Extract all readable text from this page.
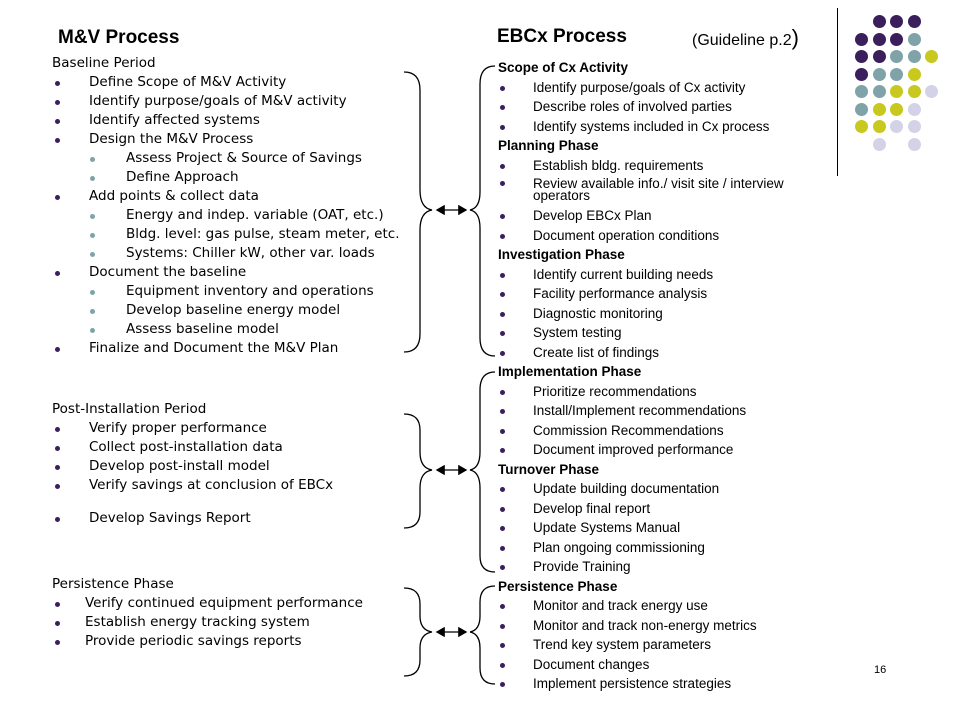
M&V Process	EBCx Process	(Guideline p.2)
Baseline Period
Define Scope of M&V Activity
Identify purpose/goals of M&V activity
Identify affected systems
Design the M&V Process
Assess Project & Source of Savings
Define Approach
Add points & collect data
Energy and indep. variable (OAT, etc.)
Bldg. level: gas pulse, steam meter, etc.
Systems: Chiller kW, other var. loads
Document the baseline
Equipment inventory and operations
Develop baseline energy model
Assess baseline model
Finalize and Document the M&V Plan
Post-Installation Period
Verify proper performance
Collect post-installation data
Develop post-install model
Verify savings at conclusion of EBCx
Develop Savings Report
Persistence Phase
Verify continued equipment performance
Establish energy tracking system
Provide periodic savings reports
Scope of Cx Activity
Identify purpose/goals of Cx activity
Describe roles of involved parties
Identify systems included in Cx process
Planning Phase
Establish bldg. requirements
Review available info./ visit site / interview operators
Develop EBCx Plan
Document operation conditions
Investigation Phase
Identify current building needs
Facility performance analysis
Diagnostic monitoring
System testing
Create list of findings
Implementation Phase
Prioritize recommendations
Install/Implement recommendations
Commission Recommendations
Document improved performance
Turnover Phase
Update building documentation
Develop final report
Update Systems Manual
Plan ongoing commissioning
Provide Training
Persistence Phase
Monitor and track energy use
Monitor and track non-energy metrics
Trend key system parameters
Document changes
Implement persistence strategies
16
